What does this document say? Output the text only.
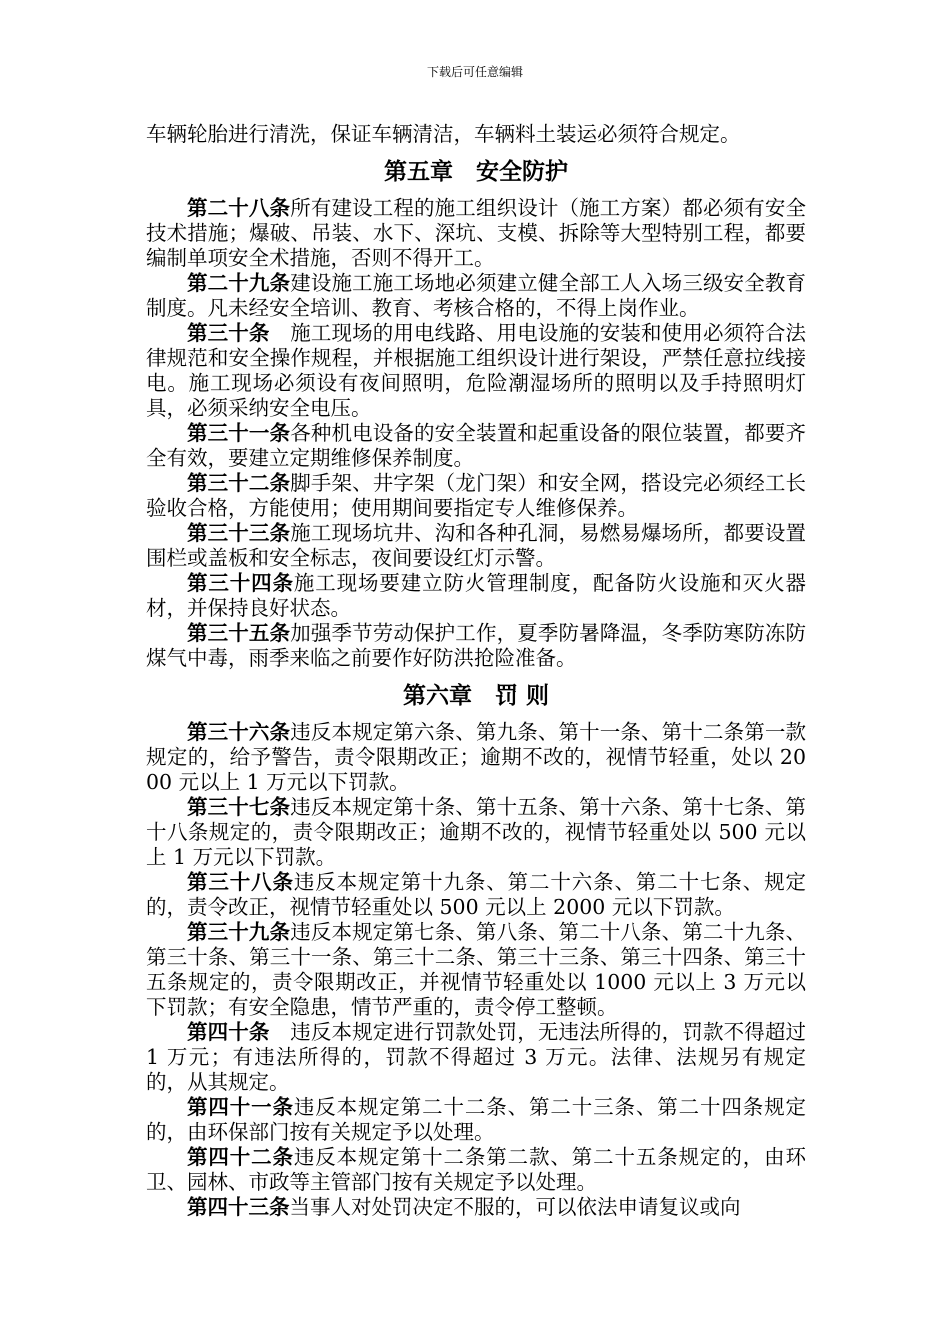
下载后可任意编辑

车辆轮胎进行清洗，保证车辆清洁，车辆料土装运必须符合规定。

第五章　安全防护

第二十八条所有建设工程的施工组织设计（施工方案）都必须有安全技术措施；爆破、吊装、水下、深坑、支模、拆除等大型特别工程，都要编制单项安全术措施，否则不得开工。

第二十九条建设施工施工场地必须建立健全部工人入场三级安全教育制度。凡未经安全培训、教育、考核合格的，不得上岗作业。

第三十条　施工现场的用电线路、用电设施的安装和使用必须符合法律规范和安全操作规程，并根据施工组织设计进行架设，严禁任意拉线接电。施工现场必须设有夜间照明，危险潮湿场所的照明以及手持照明灯具，必须采纳安全电压。

第三十一条各种机电设备的安全装置和起重设备的限位装置，都要齐全有效，要建立定期维修保养制度。

第三十二条脚手架、井字架（龙门架）和安全网，搭设完必须经工长验收合格，方能使用；使用期间要指定专人维修保养。

第三十三条施工现场坑井、沟和各种孔洞，易燃易爆场所，都要设置围栏或盖板和安全标志，夜间要设红灯示警。

第三十四条施工现场要建立防火管理制度，配备防火设施和灭火器材，并保持良好状态。

第三十五条加强季节劳动保护工作，夏季防暑降温，冬季防寒防冻防煤气中毒，雨季来临之前要作好防洪抢险准备。

第六章　罚 则

第三十六条违反本规定第六条、第九条、第十一条、第十二条第一款规定的，给予警告，责令限期改正；逾期不改的，视情节轻重，处以 2000 元以上 1 万元以下罚款。

第三十七条违反本规定第十条、第十五条、第十六条、第十七条、第十八条规定的，责令限期改正；逾期不改的，视情节轻重处以 500 元以上 1 万元以下罚款。

第三十八条违反本规定第十九条、第二十六条、第二十七条、规定的，责令改正，视情节轻重处以 500 元以上 2000 元以下罚款。

第三十九条违反本规定第七条、第八条、第二十八条、第二十九条、第三十条、第三十一条、第三十二条、第三十三条、第三十四条、第三十五条规定的，责令限期改正，并视情节轻重处以 1000 元以上 3 万元以下罚款；有安全隐患，情节严重的，责令停工整顿。

第四十条　违反本规定进行罚款处罚，无违法所得的，罚款不得超过 1 万元；有违法所得的，罚款不得超过 3 万元。法律、法规另有规定的，从其规定。

第四十一条违反本规定第二十二条、第二十三条、第二十四条规定的，由环保部门按有关规定予以处理。

第四十二条违反本规定第十二条第二款、第二十五条规定的，由环卫、园林、市政等主管部门按有关规定予以处理。

第四十三条当事人对处罚决定不服的，可以依法申请复议或向
